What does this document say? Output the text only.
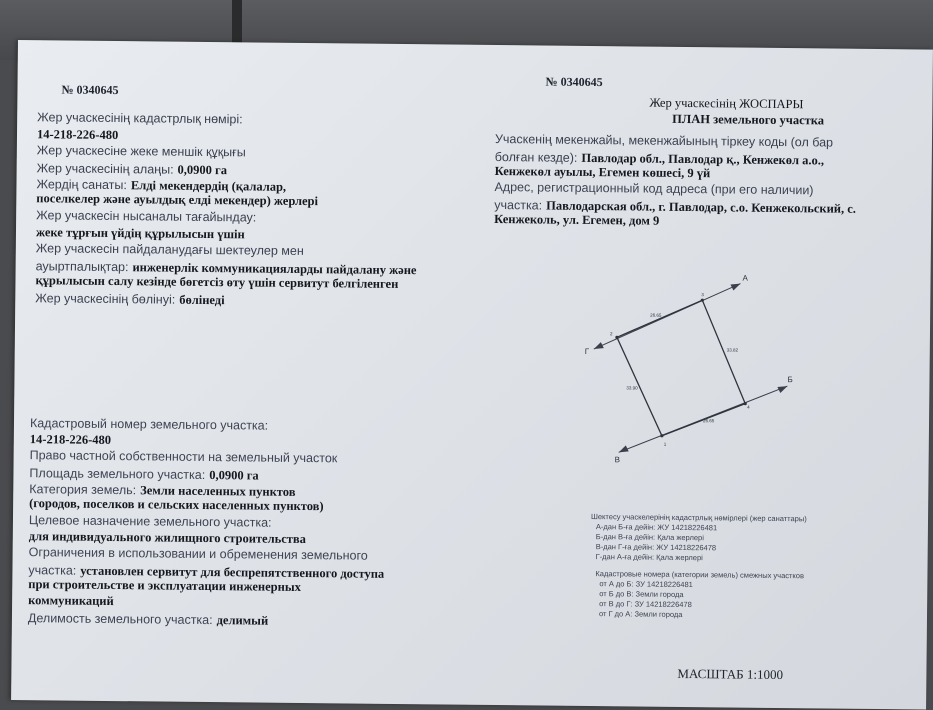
№ 0340645
Жер учаскесінің кадастрлық нөмірі:
14-218-226-480
Жер учаскесіне жеке меншік құқығы
Жер учаскесінің алаңы: 0,0900 га
Жердің санаты: Елді мекендердің (қалалар,
поселкелер және ауылдық елді мекендер) жерлері
Жер учаскесін нысаналы тағайындау:
жеке тұрғын үйдің құрылысын үшін
Жер учаскесін пайдаланудағы шектеулер мен
ауыртпалықтар: инженерлік коммуникацияларды пайдалану және
құрылысын салу кезінде бөгетсіз өту үшін сервитут белгіленген
Жер учаскесінің бөлінуі: бөлінеді
Кадастровый номер земельного участка:
14-218-226-480
Право частной собственности на земельный участок
Площадь земельного участка: 0,0900 га
Категория земель: Земли населенных пунктов
(городов, поселков и сельских населенных пунктов)
Целевое назначение земельного участка:
для индивидуального жилищного строительства
Ограничения в использовании и обременения земельного
участка: установлен сервитут для беспрепятственного доступа
при строительстве и эксплуатации инженерных
коммуникаций
Делимость земельного участка: делимый
№ 0340645
Жер учаскесінің ЖОСПАРЫ
ПЛАН земельного участка
Учаскенің мекенжайы, мекенжайының тіркеу коды (ол бар
болған кезде): Павлодар обл., Павлодар қ., Кенжекөл а.о.,
Кенжекөл ауылы, Егемен көшесі, 9 үй
Адрес, регистрационный код адреса (при его наличии)
участка: Павлодарская обл., г. Павлодар, с.о. Кенжекольский, с.
Кенжеколь, ул. Егемен, дом 9
А
Б
В
Г
1
2
3
4
26.65
33.82
26.65
33.90
Шектесу учаскелерінің кадастрлық нөмірлері (жер санаттары)
А-дан Б-ға дейін: ЖУ 14218226481
Б-дан В-ға дейін: Қала жерлері
В-дан Г-ға дейін: ЖУ 14218226478
Г-дан А-ға дейін: Қала жерлері
Кадастровые номера (категории земель) смежных участков
от А до Б: ЗУ 14218226481
от Б до В: Земли города
от В до Г: ЗУ 14218226478
от Г до А: Земли города
МАСШТАБ 1:1000
